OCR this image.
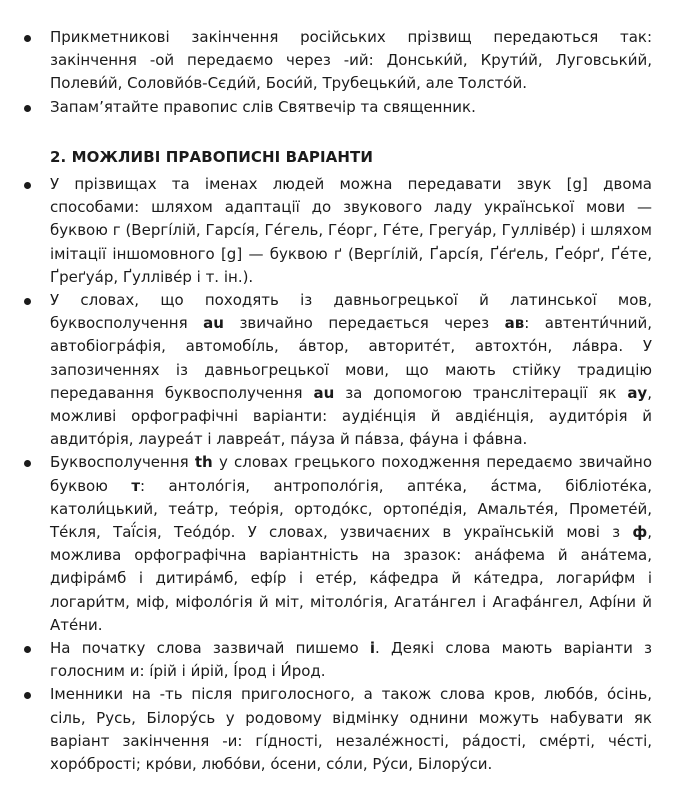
Прикметникові закінчення російських прізвищ передаються так: закінчення -ой передаємо через -ий: Донськи́й, Крути́й, Луговськи́й, Полеви́й, Соловйо́в-Сєди́й, Боси́й, Трубецьки́й, але Толсто́й.
Запам’ятайте правопис слів Святвечір та священник.
2. МОЖЛИВІ ПРАВОПИСНІ ВАРІАНТИ
У прізвищах та іменах людей можна передавати звук [g] двома способами: шляхом адаптації до звукового ладу української мови — буквою г (Вергі́лій, Гарсі́я, Ге́гель, Ге́орг, Ге́те, Грегуа́р, Гулліве́р) і шляхом імітації іншомовного [g] — буквою ґ (Вергі́лій, Ґарсі́я, Ґе́ґель, Ґео́рґ, Ґе́те, Ґреґуа́р, Ґулліве́р і т. ін.).
У словах, що походять із давньогрецької й латинської мов, буквосполучення au звичайно передається через ав: автенти́чний, автобіогра́фія, автомобі́ль, а́втор, авторите́т, автохто́н, ла́вра. У запозиченнях із давньогрецької мови, що мають стійку традицію передавання буквосполучення au за допомогою транслітерації як ау, можливі орфографічні варіанти: аудіє́нція й авдіє́нція, аудито́рія й авдито́рія, лауреа́т і лавреа́т, па́уза й па́вза, фа́уна і фа́вна.
Буквосполучення th у словах грецького походження передаємо звичайно буквою т: антоло́гія, антрополо́гія, апте́ка, а́стма, бібліоте́ка, католи́цький, теа́тр, тео́рія, ортодо́кс, ортопе́дія, Амальте́я, Промете́й, Те́кля, Таї́сія, Тео́до́р. У словах, узвичаєних в українській мові з ф, можлива орфографічна варіантність на зразок: ана́фема й ана́тема, дифіра́мб і дитира́мб, ефі́р і ете́р, ка́федра й ка́тедра, логари́фм і логари́тм, міф, міфоло́гія й міт, мітоло́гія, Агата́нгел і Агафа́нгел, Афі́ни й Ате́ни.
На початку слова зазвичай пишемо і. Деякі слова мають варіанти з голосним и: і́рій і и́рій, І́род і И́род.
Іменники на -ть після приголосного, а також слова кров, любо́в, о́сінь, сіль, Русь, Білору́сь у родовому відмінку однини можуть набувати як варіант закінчення -и: гі́дності, незале́жності, ра́дості, сме́рті, че́сті, хоро́брості; кро́ви, любо́ви, о́сени, со́ли, Ру́си, Білору́си.
